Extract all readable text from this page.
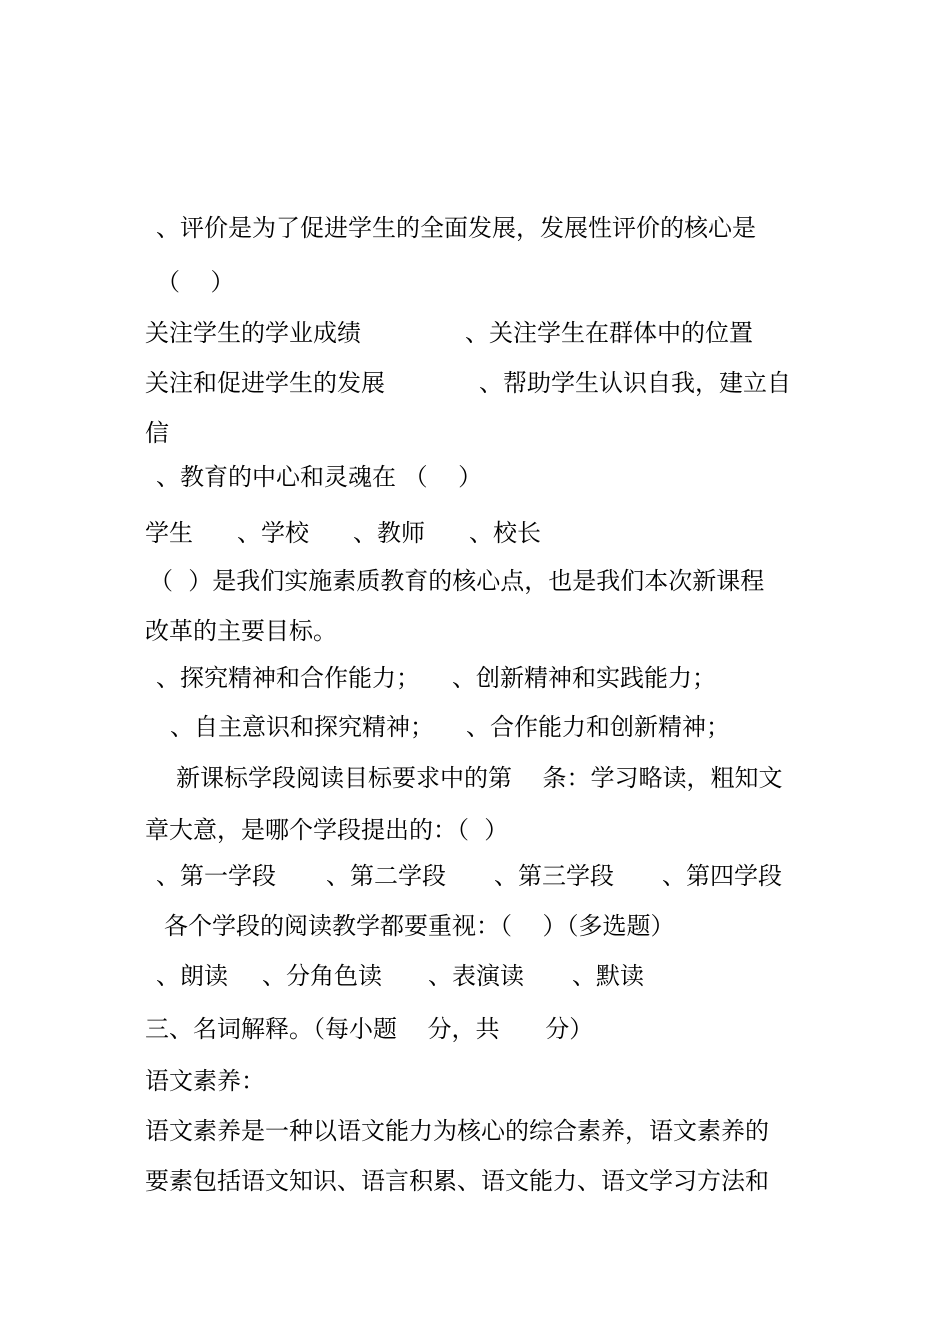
、评价是为了促进学生的全面发展，发展性评价的核心是
（    ）

关注学生的学业成绩

	、关注学生在群体中的位置

关注和促进学生的发展

	、帮助学生认识自我，建立自

信
、教育的中心和灵魂在 （    ）

学生

、学校

、教师

、校长

（  ）是我们实施素质教育的核心点，也是我们本次新课程
改革的主要目标。

、探究精神和合作能力；

、创新精神和实践能力；

、自主意识和探究精神；

、合作能力和创新精神；

新课标学段阅读目标要求中的第    条：学习略读，粗知文
章大意，是哪个学段提出的：（  ）

、第一学段

、第二学段

、第三学段

、第四学段

各个学段的阅读教学都要重视：（    ）（多选题）

、朗读

、分角色读

、表演读

、默读

三、名词解释。（每小题    分，共      分）
语文素养：
语文素养是一种以语文能力为核心的综合素养，语文素养的
要素包括语文知识、语言积累、语文能力、语文学习方法和
